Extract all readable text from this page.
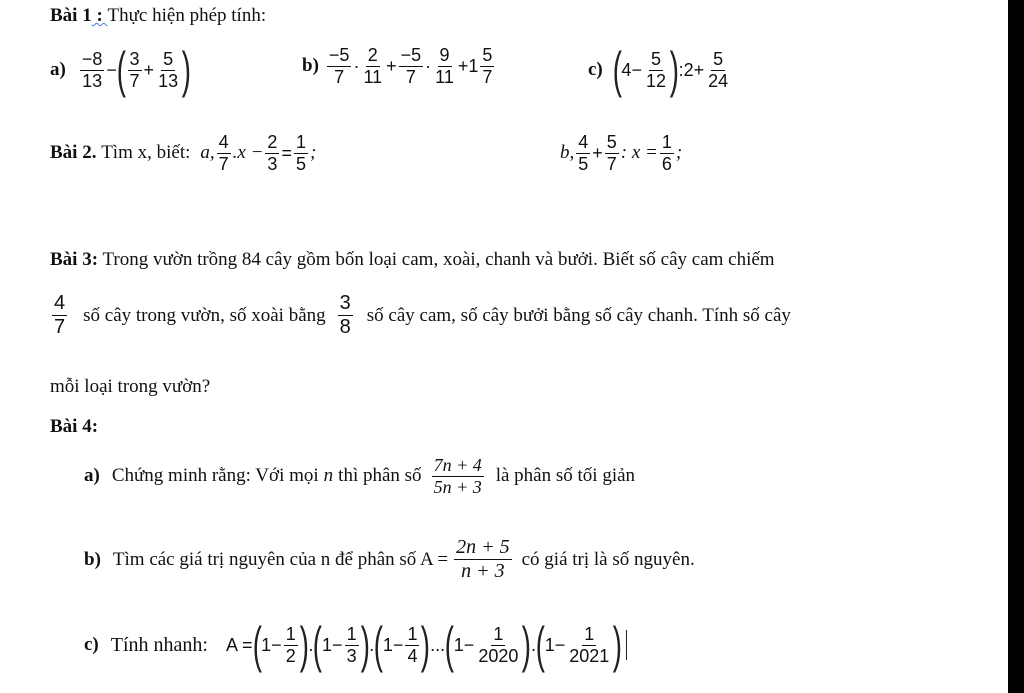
Bài 1 : Thực hiện phép tính:
$a) \frac{-8}{13}$ − ( $\frac{3}{7} + \frac{5}{13}$ )	$b) \frac{-5}{7} \cdot \frac{2}{11} + \frac{-5}{7} \cdot \frac{9}{11} +1 \frac{5}{7}$	c) ( $4 - \frac{5}{12}$ ) :2+ $\frac{5}{24}$
Bài 2.
Tìm x, biết: a, $\frac{4}{7} .x - \frac{2}{3} = \frac{1}{5}$ ;	b, $\frac{4}{5} + \frac{5}{7}$ : $x = \frac{1}{6}$ ;
Bài 3: Trong vườn trồng 84 cây gồm bốn loại cam, xoài, chanh và bưởi. Biết số cây cam chiếm
$\frac{4}{7}$ số cây trong vườn, số xoài bằng $\frac{3}{8}$ số cây cam, số cây bưởi bằng số cây chanh. Tính số cây
mỗi loại trong vườn?
Bài 4:
a) Chứng minh rằng: Với mọi n thì phân số $\frac{7n + 4}{5n + 3}$ là phân số tối giản
b) Tìm các giá trị nguyên của n để phân số $A = \frac{2n + 5}{n + 3}$ có giá trị là số nguyên.
c) Tính nhanh: A = ( $1- \frac{1}{2}$ ) . ( $1- \frac{1}{3}$ ) . ( $1- \frac{1}{4}$ ) ... ( $1- \frac{1}{2020}$ ) . ( $1- \frac{1}{2021}$ )
